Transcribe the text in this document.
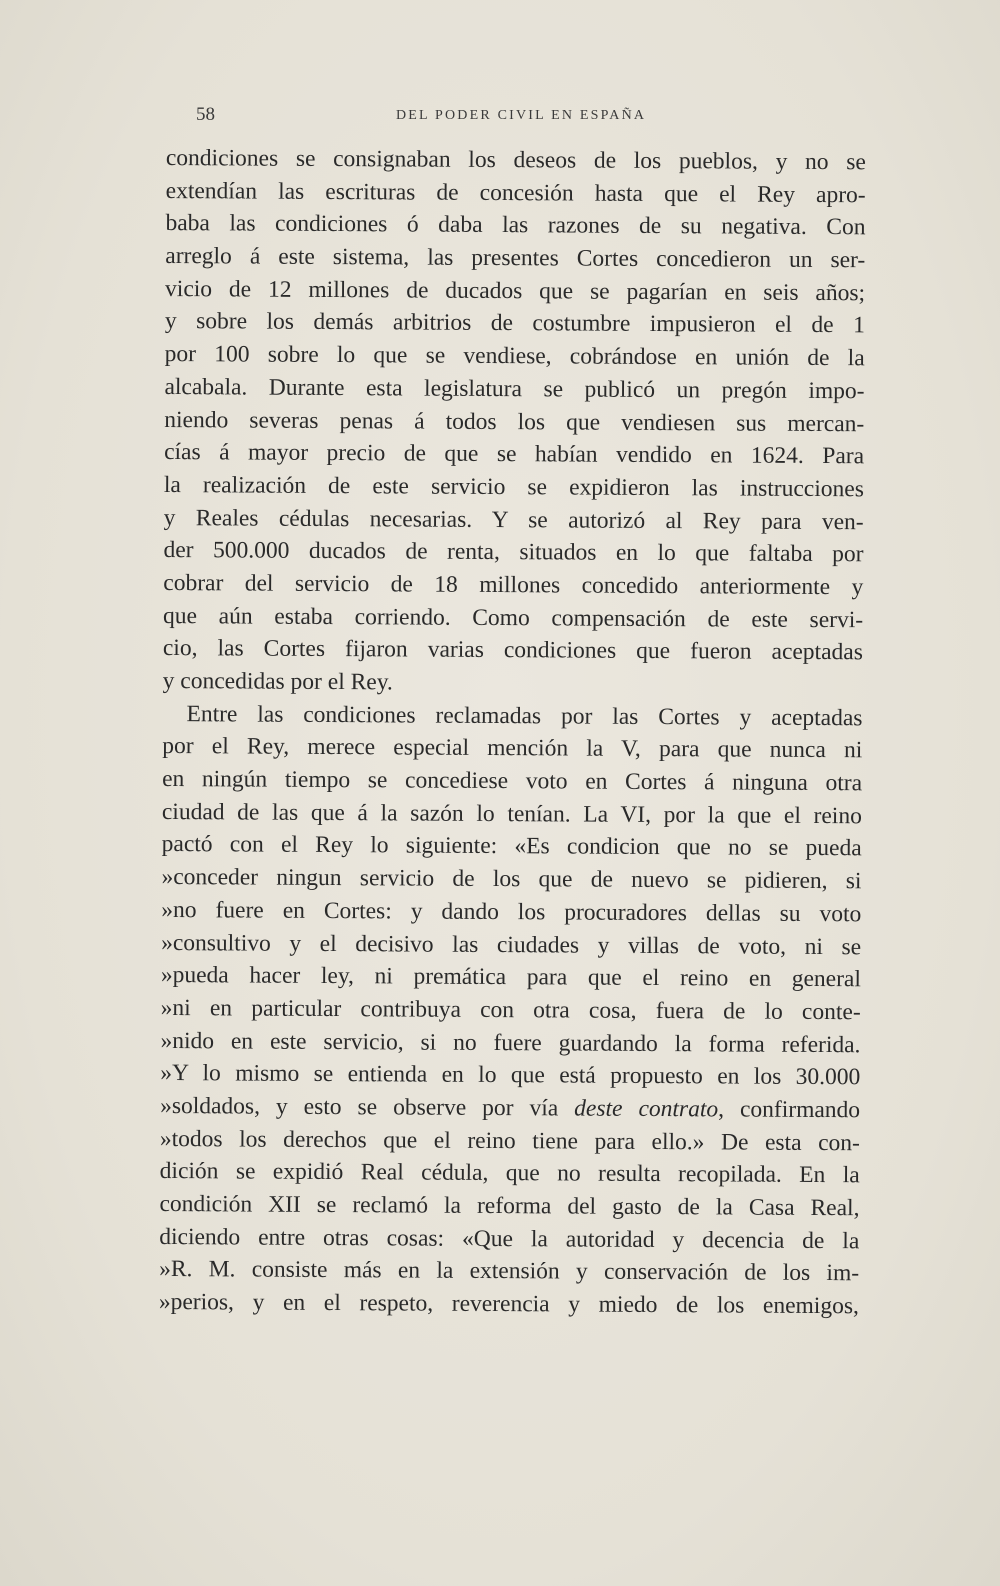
58	DEL PODER CIVIL EN ESPAÑA
condiciones se consignaban los deseos de los pueblos, y no se
extendían las escrituras de concesión hasta que el Rey apro-
baba las condiciones ó daba las razones de su negativa. Con
arreglo á este sistema, las presentes Cortes concedieron un ser-
vicio de 12 millones de ducados que se pagarían en seis años;
y sobre los demás arbitrios de costumbre impusieron el de 1
por 100 sobre lo que se vendiese, cobrándose en unión de la
alcabala. Durante esta legislatura se publicó un pregón impo-
niendo severas penas á todos los que vendiesen sus mercan-
cías á mayor precio de que se habían vendido en 1624. Para
la realización de este servicio se expidieron las instrucciones
y Reales cédulas necesarias. Y se autorizó al Rey para ven-
der 500.000 ducados de renta, situados en lo que faltaba por
cobrar del servicio de 18 millones concedido anteriormente y
que aún estaba corriendo. Como compensación de este servi-
cio, las Cortes fijaron varias condiciones que fueron aceptadas
y concedidas por el Rey.
Entre las condiciones reclamadas por las Cortes y aceptadas
por el Rey, merece especial mención la V, para que nunca ni
en ningún tiempo se concediese voto en Cortes á ninguna otra
ciudad de las que á la sazón lo tenían. La VI, por la que el reino
pactó con el Rey lo siguiente: «Es condicion que no se pueda
»conceder ningun servicio de los que de nuevo se pidieren, si
»no fuere en Cortes: y dando los procuradores dellas su voto
»consultivo y el decisivo las ciudades y villas de voto, ni se
»pueda hacer ley, ni premática para que el reino en general
»ni en particular contribuya con otra cosa, fuera de lo conte-
»nido en este servicio, si no fuere guardando la forma referida.
»Y lo mismo se entienda en lo que está propuesto en los 30.000
»soldados, y esto se observe por vía deste contrato, confirmando
»todos los derechos que el reino tiene para ello.» De esta con-
dición se expidió Real cédula, que no resulta recopilada. En la
condición XII se reclamó la reforma del gasto de la Casa Real,
diciendo entre otras cosas: «Que la autoridad y decencia de la
»R. M. consiste más en la extensión y conservación de los im-
»perios, y en el respeto, reverencia y miedo de los enemigos,
